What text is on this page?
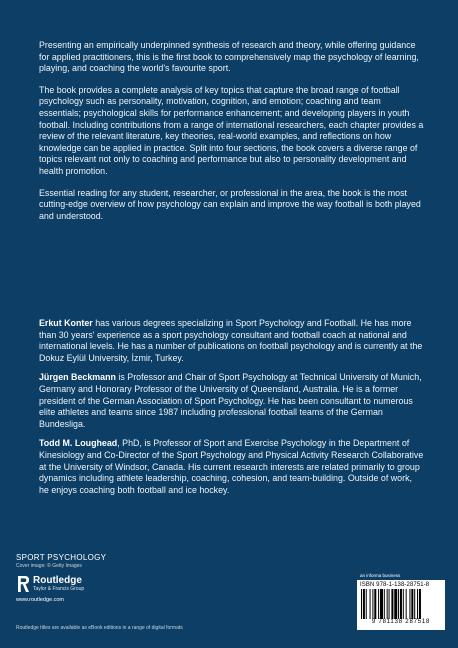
Presenting an empirically underpinned synthesis of research and theory, while offering guidance for applied practitioners, this is the first book to comprehensively map the psychology of learning, playing, and coaching the world's favourite sport.

The book provides a complete analysis of key topics that capture the broad range of football psychology such as personality, motivation, cognition, and emotion; coaching and team essentials; psychological skills for performance enhancement; and developing players in youth football. Including contributions from a range of international researchers, each chapter provides a review of the relevant literature, key theories, real-world examples, and reflections on how knowledge can be applied in practice. Split into four sections, the book covers a diverse range of topics relevant not only to coaching and performance but also to personality development and health promotion.

Essential reading for any student, researcher, or professional in the area, the book is the most cutting-edge overview of how psychology can explain and improve the way football is both played and understood.

Erkut Konter has various degrees specializing in Sport Psychology and Football. He has more than 30 years' experience as a sport psychology consultant and football coach at national and international levels. He has a number of publications on football psychology and is currently at the Dokuz Eylül University, İzmir, Turkey.

Jürgen Beckmann is Professor and Chair of Sport Psychology at Technical University of Munich, Germany and Honorary Professor of the University of Queensland, Australia. He is a former president of the German Association of Sport Psychology. He has been consultant to numerous elite athletes and teams since 1987 including professional football teams of the German Bundesliga.

Todd M. Loughead, PhD, is Professor of Sport and Exercise Psychology in the Department of Kinesiology and Co-Director of the Sport Psychology and Physical Activity Research Collaborative at the University of Windsor, Canada. His current research interests are related primarily to group dynamics including athlete leadership, coaching, cohesion, and team-building. Outside of work, he enjoys coaching both football and ice hockey.

SPORT PSYCHOLOGY
Cover image: © Getty Images
Routledge
Taylor & Francis Group
www.routledge.com
Routledge titles are available as eBook editions in a range of digital formats
an informa business
ISBN 978-1-138-28751-8
9 781138 287518
